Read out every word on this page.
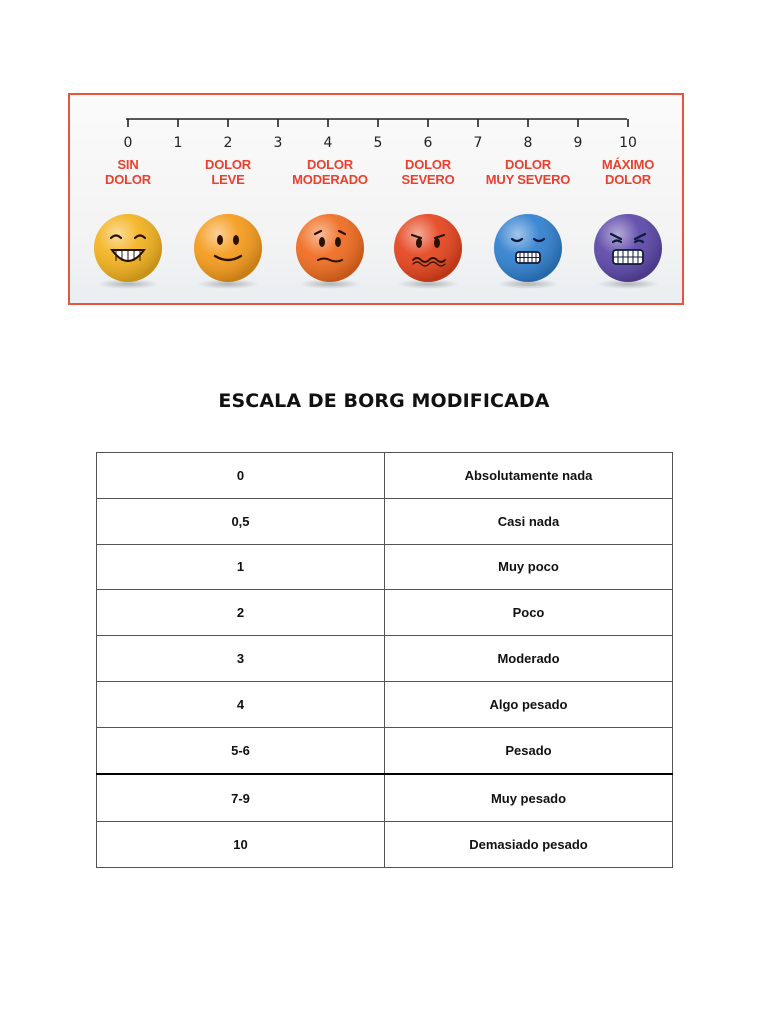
0	1	2	3	4	5	6	7	8	9	10
SIN
DOLOR
DOLOR
LEVE
DOLOR
MODERADO
DOLOR
SEVERO
DOLOR
MUY SEVERO
MÁXIMO
DOLOR
ESCALA DE BORG MODIFICADA
0	Absolutamente nada
0,5	Casi nada
1	Muy poco
2	Poco
3	Moderado
4	Algo pesado
5-6	Pesado
7-9	Muy pesado
10	Demasiado pesado
